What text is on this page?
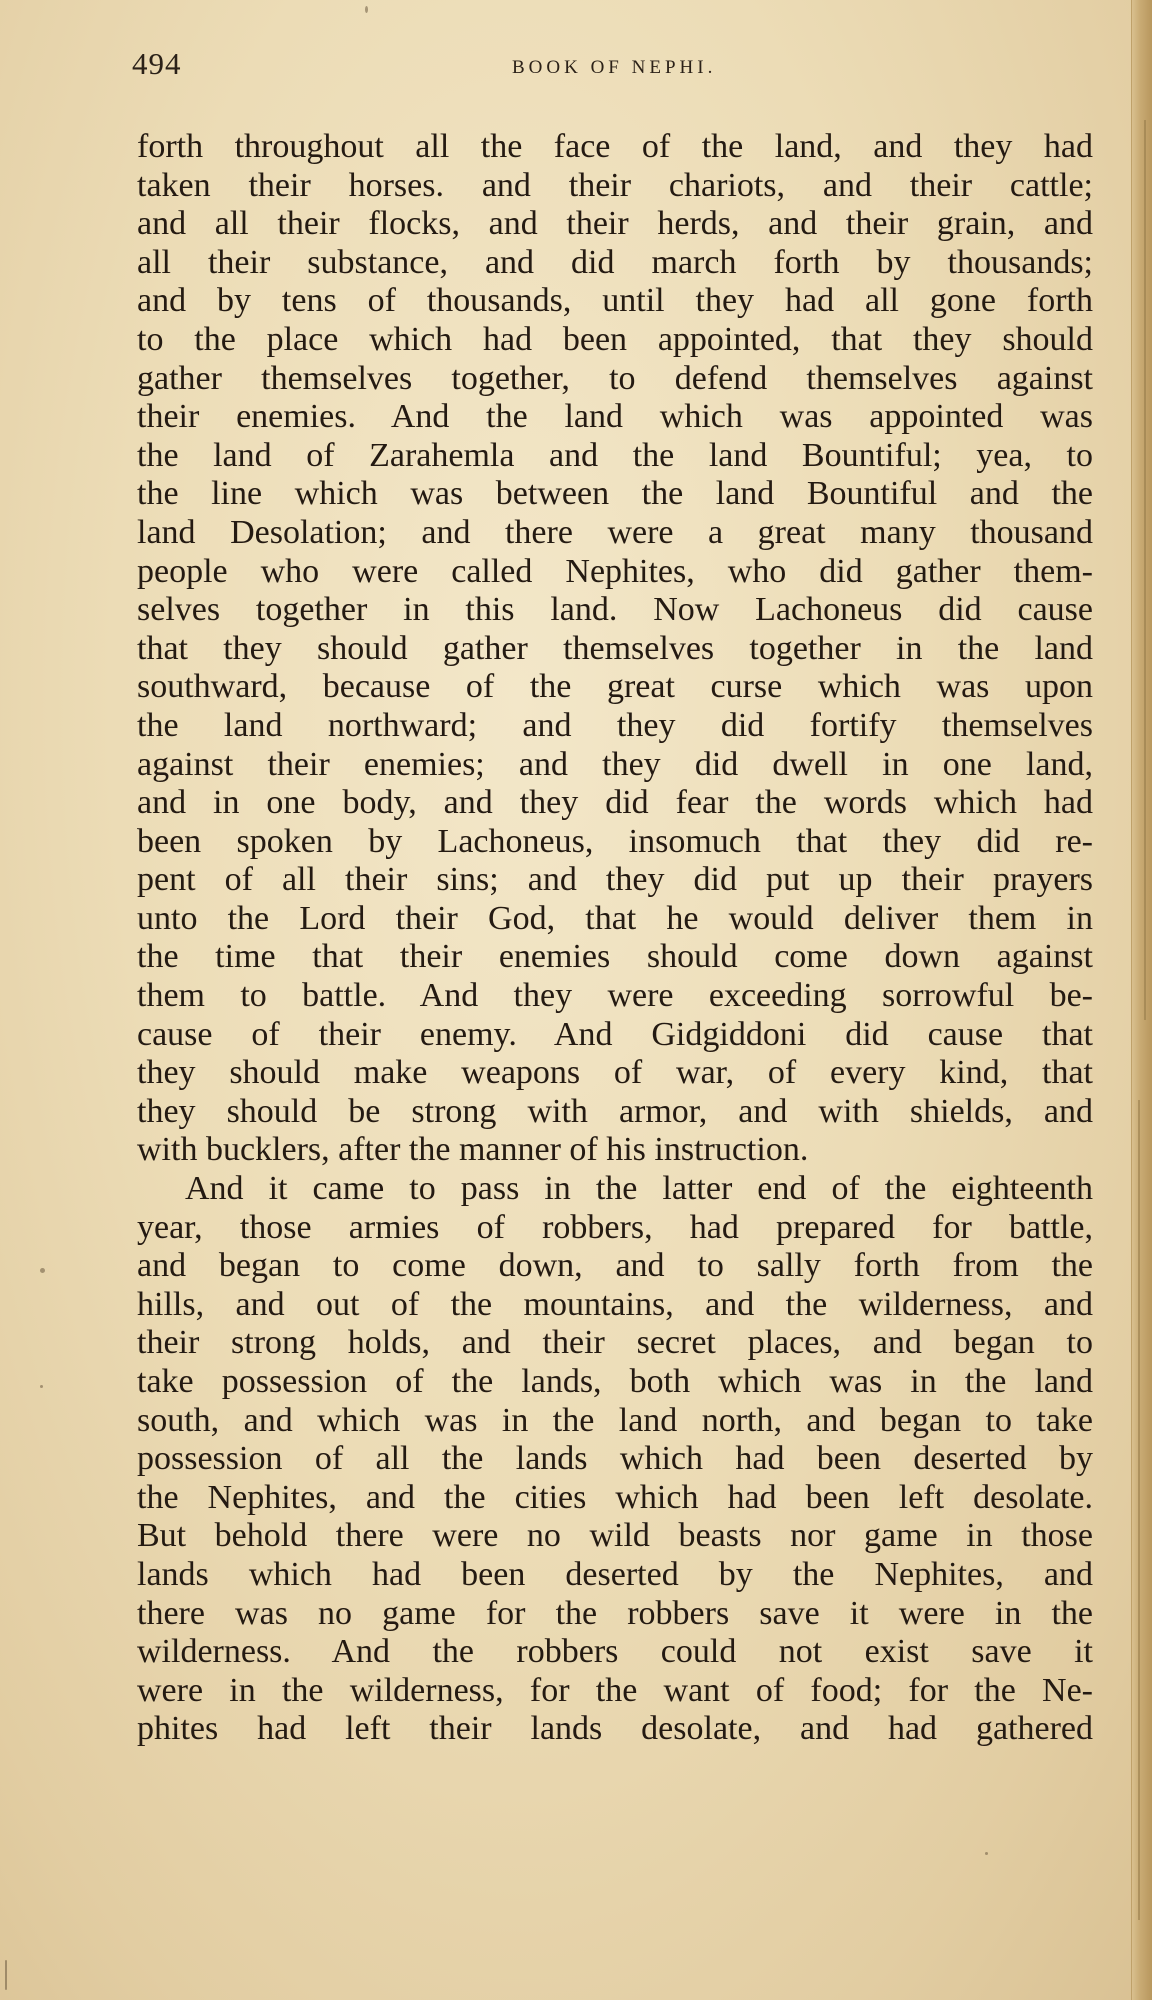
494	BOOK OF NEPHI.
forth throughout all the face of the land, and they had
taken their horses. and their chariots, and their cattle;
and all their flocks, and their herds, and their grain, and
all their substance, and did march forth by thousands;
and by tens of thousands, until they had all gone forth
to the place which had been appointed, that they should
gather themselves together, to defend themselves against
their enemies. And the land which was appointed was
the land of Zarahemla and the land Bountiful; yea, to
the line which was between the land Bountiful and the
land Desolation; and there were a great many thousand
people who were called Nephites, who did gather them-
selves together in this land. Now Lachoneus did cause
that they should gather themselves together in the land
southward, because of the great curse which was upon
the land northward; and they did fortify themselves
against their enemies; and they did dwell in one land,
and in one body, and they did fear the words which had
been spoken by Lachoneus, insomuch that they did re-
pent of all their sins; and they did put up their prayers
unto the Lord their God, that he would deliver them in
the time that their enemies should come down against
them to battle. And they were exceeding sorrowful be-
cause of their enemy. And Gidgiddoni did cause that
they should make weapons of war, of every kind, that
they should be strong with armor, and with shields, and
with bucklers, after the manner of his instruction.
And it came to pass in the latter end of the eighteenth
year, those armies of robbers, had prepared for battle,
and began to come down, and to sally forth from the
hills, and out of the mountains, and the wilderness, and
their strong holds, and their secret places, and began to
take possession of the lands, both which was in the land
south, and which was in the land north, and began to take
possession of all the lands which had been deserted by
the Nephites, and the cities which had been left desolate.
But behold there were no wild beasts nor game in those
lands which had been deserted by the Nephites, and
there was no game for the robbers save it were in the
wilderness. And the robbers could not exist save it
were in the wilderness, for the want of food; for the Ne-
phites had left their lands desolate, and had gathered
